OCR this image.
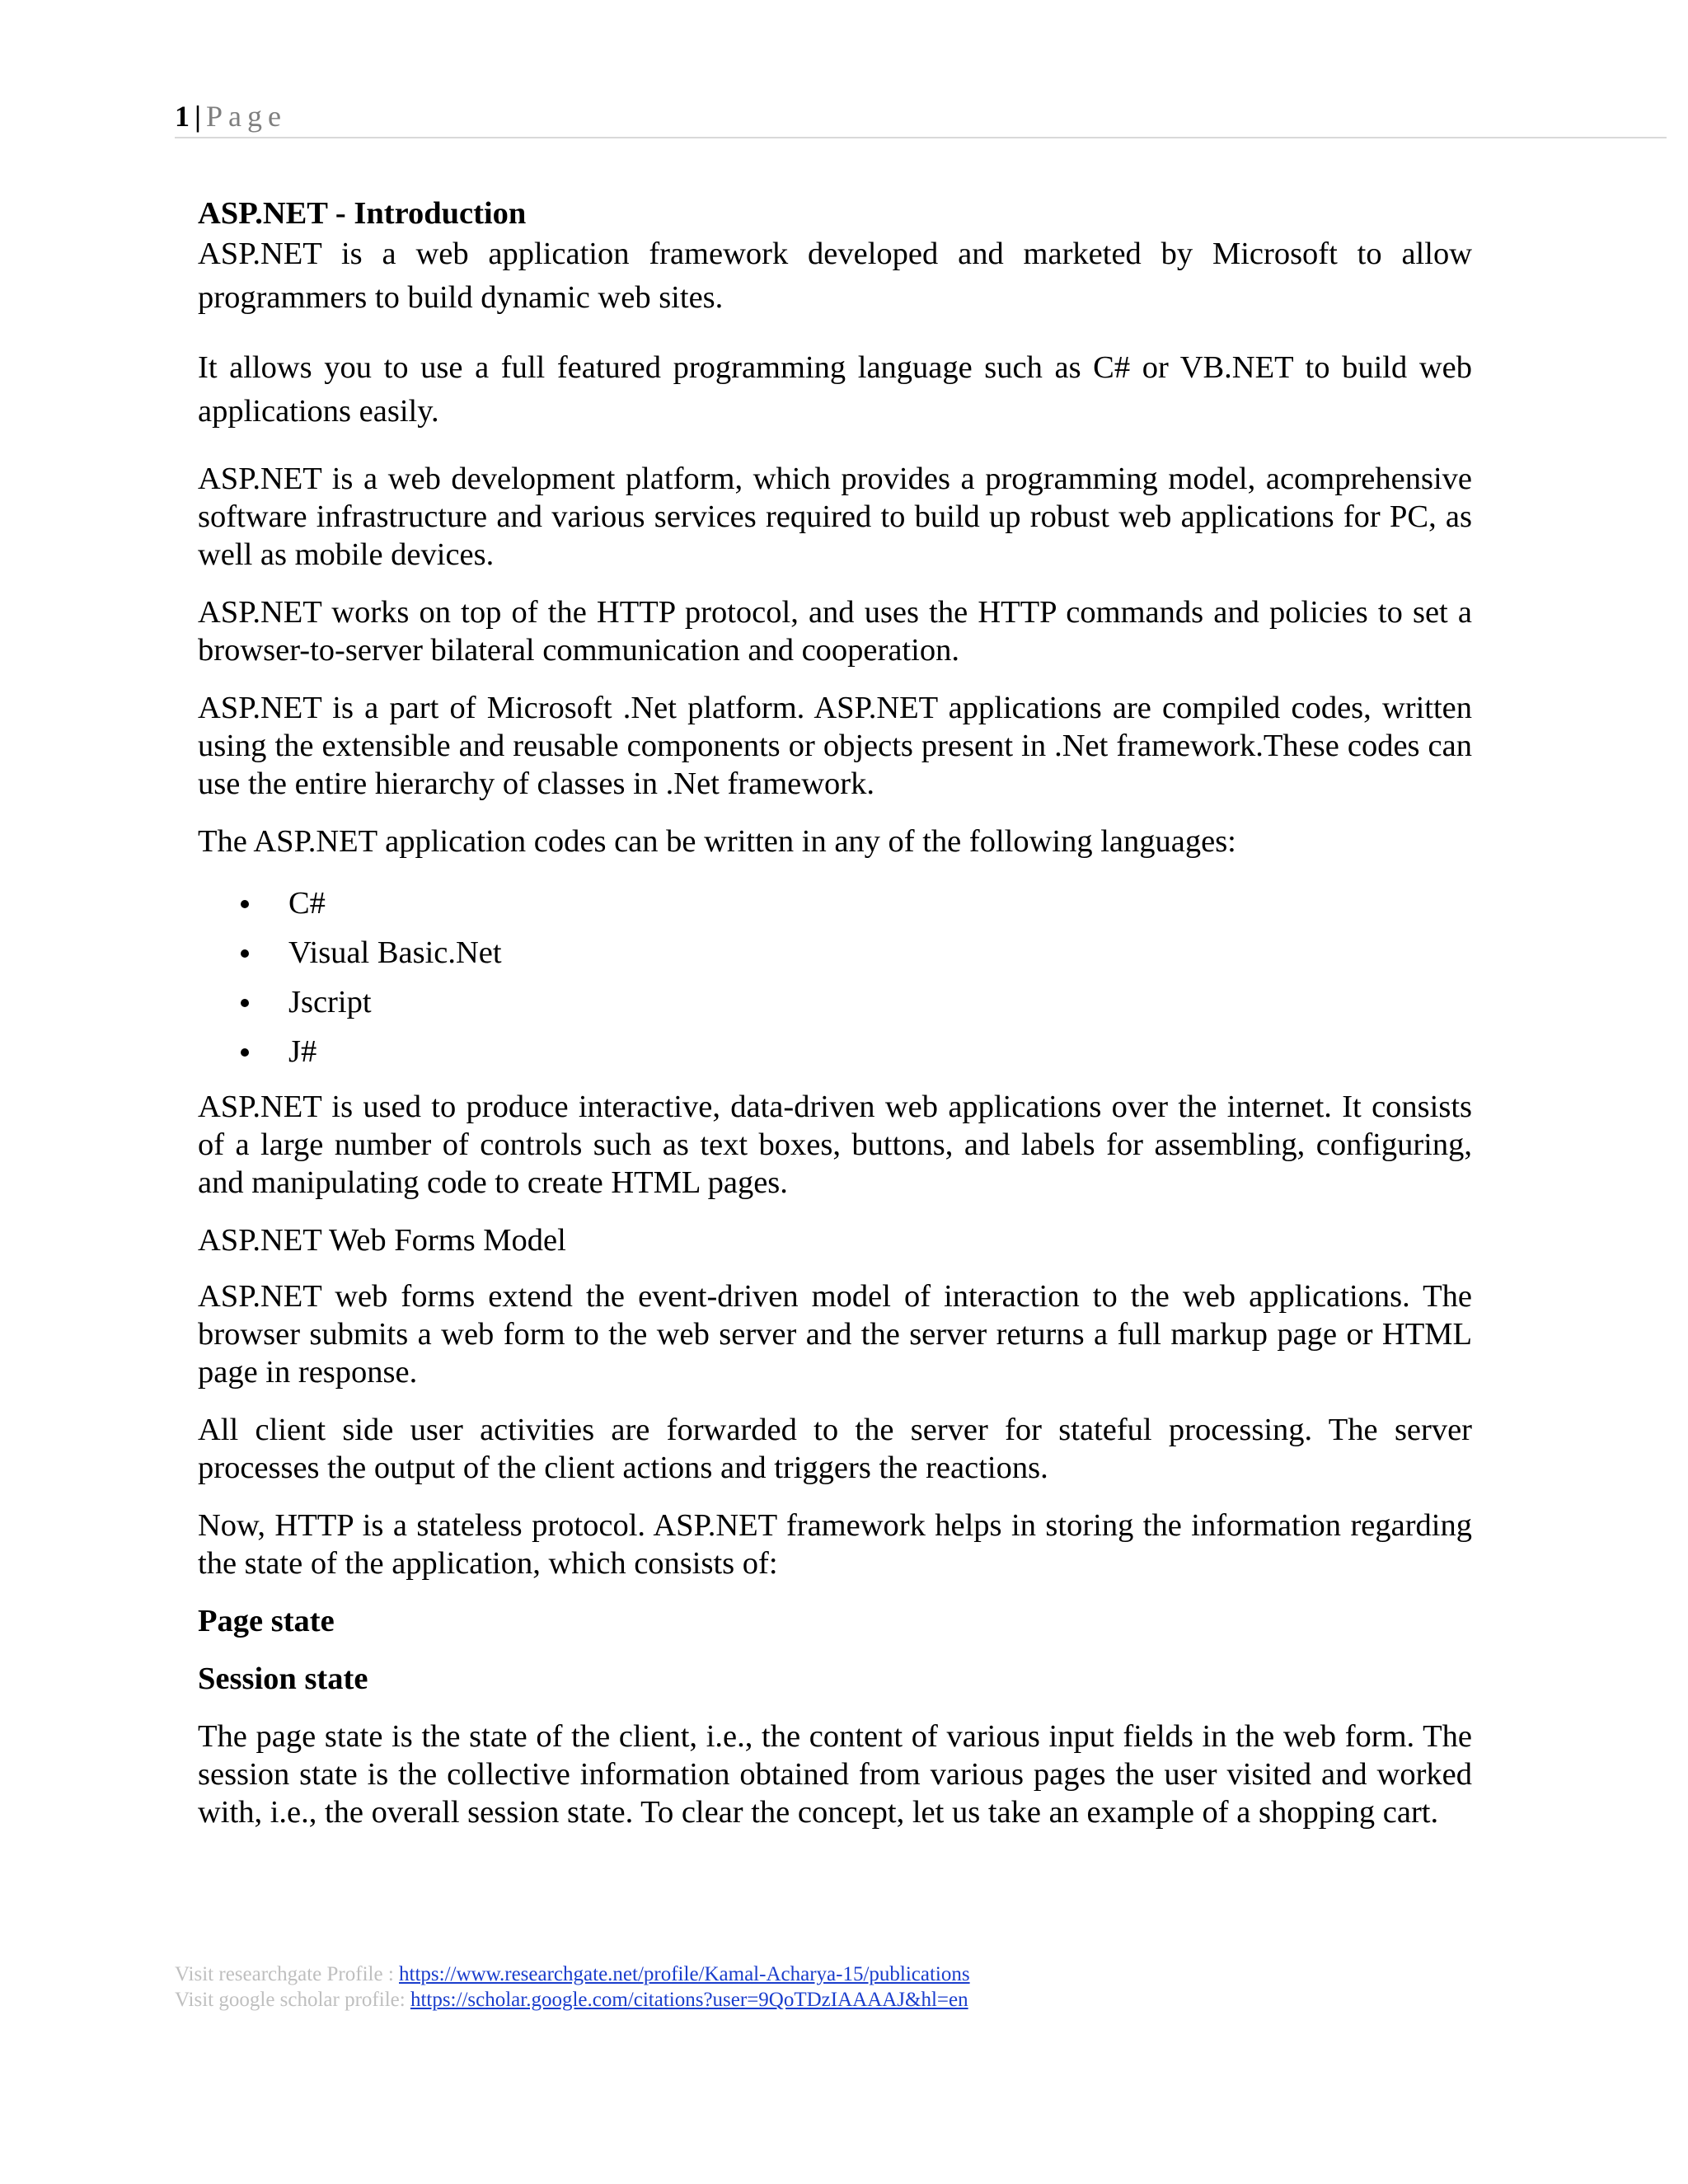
1 | Page

ASP.NET - Introduction

ASP.NET is a web application framework developed and marketed by Microsoft to allow programmers to build dynamic web sites.

It allows you to use a full featured programming language such as C# or VB.NET to build web applications easily.

ASP.NET is a web development platform, which provides a programming model, acomprehensive software infrastructure and various services required to build up robust web applications for PC, as well as mobile devices.

ASP.NET works on top of the HTTP protocol, and uses the HTTP commands and policies to set a browser-to-server bilateral communication and cooperation.

ASP.NET is a part of Microsoft .Net platform. ASP.NET applications are compiled codes, written using the extensible and reusable components or objects present in .Net framework.These codes can use the entire hierarchy of classes in .Net framework.

The ASP.NET application codes can be written in any of the following languages:

C#
Visual Basic.Net
Jscript
J#

ASP.NET is used to produce interactive, data-driven web applications over the internet. It consists of a large number of controls such as text boxes, buttons, and labels for assembling, configuring, and manipulating code to create HTML pages.

ASP.NET Web Forms Model

ASP.NET web forms extend the event-driven model of interaction to the web applications. The browser submits a web form to the web server and the server returns a full markup page or HTML page in response.

All client side user activities are forwarded to the server for stateful processing. The server processes the output of the client actions and triggers the reactions.

Now, HTTP is a stateless protocol. ASP.NET framework helps in storing the information regarding the state of the application, which consists of:

Page state

Session state

The page state is the state of the client, i.e., the content of various input fields in the web form. The session state is the collective information obtained from various pages the user visited and worked with, i.e., the overall session state. To clear the concept, let us take an example of a shopping cart.

Visit researchgate Profile : https://www.researchgate.net/profile/Kamal-Acharya-15/publications
Visit google scholar profile: https://scholar.google.com/citations?user=9QoTDzIAAAAJ&hl=en
